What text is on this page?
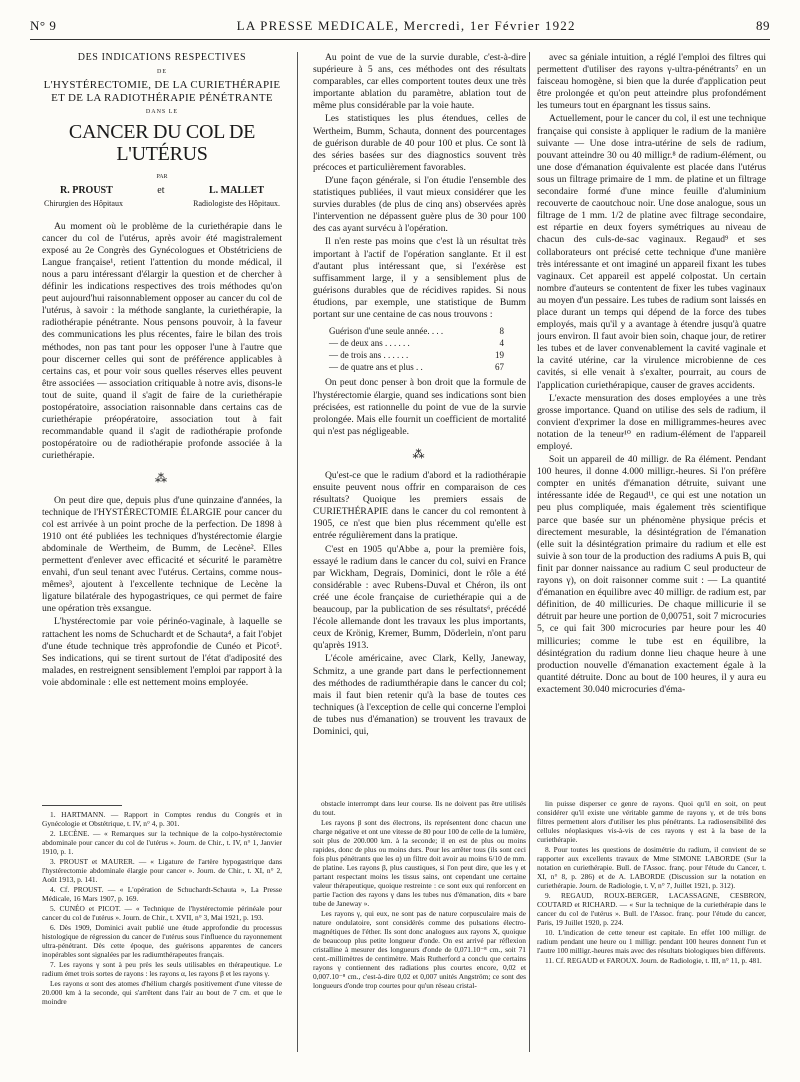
N° 9	LA PRESSE MEDICALE, Mercredi, 1er Février 1922	89
DES INDICATIONS RESPECTIVES
DE
L'HYSTÉRECTOMIE, DE LA CURIETHÉRAPIE
ET DE LA RADIOTHÉRAPIE PÉNÉTRANTE
DANS LE
CANCER DU COL DE L'UTÉRUS
PAR
R. PROUST	et	L. MALLET
Chirurgien des Hôpitaux	Radiologiste des Hôpitaux.

Au moment où le problème de la curiethérapie dans le cancer du col de l'utérus, après avoir été magistralement exposé au 2e Congrès des Gynécologues et Obstétriciens de Langue française¹, retient l'attention du monde médical, il nous a paru intéressant d'élargir la question et de chercher à définir les indications respectives des trois méthodes qu'on peut aujourd'hui raisonnablement opposer au cancer du col de l'utérus, à savoir : la méthode sanglante, la curiethérapie, la radiothérapie pénétrante. Nous pensons pouvoir, à la faveur des communications les plus récentes, faire le bilan des trois méthodes, non pas tant pour les opposer l'une à l'autre que pour discerner celles qui sont de préférence applicables à certains cas, et pour voir sous quelles réserves elles peuvent être associées — association critiquable à notre avis, disons-le tout de suite, quand il s'agit de faire de la curiethérapie postopératoire, association raisonnable dans certains cas de curiethérapie préopératoire, association tout à fait recommandable quand il s'agit de radiothérapie profonde postopératoire ou de radiothérapie profonde associée à la curiethérapie.

⁂

On peut dire que, depuis plus d'une quinzaine d'années, la technique de l'HYSTÉRECTOMIE ÉLARGIE pour cancer du col est arrivée à un point proche de la perfection. De 1898 à 1910 ont été publiées les techniques d'hystérectomie élargie abdominale de Wertheim, de Bumm, de Lecène². Elles permettent d'enlever avec efficacité et sécurité le paramètre envahi, d'un seul tenant avec l'utérus. Certains, comme nous-mêmes³, ajoutent à l'excellente technique de Lecène la ligature bilatérale des hypogastriques, ce qui permet de faire une opération très exsangue.

L'hystérectomie par voie périnéo-vaginale, à laquelle se rattachent les noms de Schuchardt et de Schauta⁴, a fait l'objet d'une étude technique très approfondie de Cunéo et Picot⁵. Ses indications, qui se tirent surtout de l'état d'adiposité des malades, en restreignent sensiblement l'emploi par rapport à la voie abdominale : elle est nettement moins employée.

Au point de vue de la survie durable, c'est-à-dire supérieure à 5 ans, ces méthodes ont des résultats comparables, car elles comportent toutes deux une très importante ablation du paramètre, ablation tout de même plus considérable par la voie haute.

Les statistiques les plus étendues, celles de Wertheim, Bumm, Schauta, donnent des pourcentages de guérison durable de 40 pour 100 et plus. Ce sont là des séries basées sur des diagnostics souvent très précoces et particulièrement favorables.

D'une façon générale, si l'on étudie l'ensemble des statistiques publiées, il vaut mieux considérer que les survies durables (de plus de cinq ans) observées après l'intervention ne dépassent guère plus de 30 pour 100 des cas ayant survécu à l'opération.

Il n'en reste pas moins que c'est là un résultat très important à l'actif de l'opération sanglante. Et il est d'autant plus intéressant que, si l'exérèse est suffisamment large, il y a sensiblement plus de guérisons durables que de récidives rapides. Si nous étudions, par exemple, une statistique de Bumm portant sur une centaine de cas nous trouvons :

Guérison d'une seule année. . . .	8
— de deux ans . . . . . .	4
— de trois ans . . . . . .	19
— de quatre ans et plus . .	67

On peut donc penser à bon droit que la formule de l'hystérectomie élargie, quand ses indications sont bien précisées, est rationnelle du point de vue de la survie prolongée. Mais elle fournit un coefficient de mortalité qui n'est pas négligeable.

⁂

Qu'est-ce que le radium d'abord et la radiothérapie ensuite peuvent nous offrir en comparaison de ces résultats? Quoique les premiers essais de CURIETHÉRAPIE dans le cancer du col remontent à 1905, ce n'est que bien plus récemment qu'elle est entrée régulièrement dans la pratique.

C'est en 1905 qu'Abbe a, pour la première fois, essayé le radium dans le cancer du col, suivi en France par Wickham, Degrais, Dominici, dont le rôle a été considérable : avec Rubens-Duval et Chéron, ils ont créé une école française de curiethérapie qui a de beaucoup, par la publication de ses résultats⁶, précédé l'école allemande dont les travaux les plus importants, ceux de Krönig, Kremer, Bumm, Döderlein, n'ont paru qu'après 1913.

L'école américaine, avec Clark, Kelly, Janeway, Schmitz, a une grande part dans le perfectionnement des méthodes de radiumthérapie dans le cancer du col; mais il faut bien retenir qu'à la base de toutes ces techniques (à l'exception de celle qui concerne l'emploi de tubes nus d'émanation) se trouvent les travaux de Dominici, qui,

avec sa géniale intuition, a réglé l'emploi des filtres qui permettent d'utiliser des rayons γ-ultra-pénétrants⁷ en un faisceau homogène, si bien que la durée d'application peut être prolongée et qu'on peut atteindre plus profondément les tumeurs tout en épargnant les tissus sains.

Actuellement, pour le cancer du col, il est une technique française qui consiste à appliquer le radium de la manière suivante — Une dose intra-utérine de sels de radium, pouvant atteindre 30 ou 40 milligr.⁸ de radium-élément, ou une dose d'émanation équivalente est placée dans l'utérus sous un filtrage primaire de 1 mm. de platine et un filtrage secondaire formé d'une mince feuille d'aluminium recouverte de caoutchouc noir. Une dose analogue, sous un filtrage de 1 mm. 1/2 de platine avec filtrage secondaire, est répartie en deux foyers symétriques au niveau de chacun des culs-de-sac vaginaux. Regaud⁹ et ses collaborateurs ont précisé cette technique d'une manière très intéressante et ont imaginé un appareil fixant les tubes vaginaux. Cet appareil est appelé colpostat. Un certain nombre d'auteurs se contentent de fixer les tubes vaginaux au moyen d'un pessaire. Les tubes de radium sont laissés en place durant un temps qui dépend de la force des tubes employés, mais qu'il y a avantage à étendre jusqu'à quatre jours environ. Il faut avoir bien soin, chaque jour, de retirer les tubes et de laver convenablement la cavité vaginale et la cavité utérine, car la virulence microbienne de ces cavités, si elle venait à s'exalter, pourrait, au cours de l'application curiethérapique, causer de graves accidents.

L'exacte mensuration des doses employées a une très grosse importance. Quand on utilise des sels de radium, il convient d'exprimer la dose en milligrammes-heures avec notation de la teneur¹⁰ en radium-élément de l'appareil employé.

Soit un appareil de 40 milligr. de Ra élément. Pendant 100 heures, il donne 4.000 milligr.-heures. Si l'on préfère compter en unités d'émanation détruite, suivant une intéressante idée de Regaud¹¹, ce qui est une notation un peu plus compliquée, mais également très scientifique parce que basée sur un phénomène physique précis et directement mesurable, la désintégration de l'émanation (elle suit la désintégration primaire du radium et elle est suivie à son tour de la production des radiums A puis B, qui finit par donner naissance au radium C seul producteur de rayons γ), on doit raisonner comme suit : — La quantité d'émanation en équilibre avec 40 milligr. de radium est, par définition, de 40 millicuries. De chaque millicurie il se détruit par heure une portion de 0,00751, soit 7 microcuries 5, ce qui fait 300 microcuries par heure pour les 40 millicuries; comme le tube est en équilibre, la désintégration du radium donne lieu chaque heure à une production nouvelle d'émanation exactement égale à la quantité détruite. Donc au bout de 100 heures, il y aura eu exactement 30.040 microcuries d'éma-

1. HARTMANN. — Rapport in Comptes rendus du Congrès et in Gynécologie et Obstétrique, t. IV, n° 4, p. 301.

2. LECÈNE. — « Remarques sur la technique de la colpo-hystérectomie abdominale pour cancer du col de l'utérus ». Journ. de Chir., t. IV, n° 1, Janvier 1910, p. 1.

3. PROUST et MAURER. — « Ligature de l'artère hypogastrique dans l'hystérectomie abdominale élargie pour cancer ». Journ. de Chir., t. XI, n° 2, Août 1913, p. 141.

4. Cf. PROUST. — « L'opération de Schuchardt-Schauta », La Presse Médicale, 16 Mars 1907, p. 169.

5. CUNÉO et PICOT. — « Technique de l'hystérectomie périnéale pour cancer du col de l'utérus ». Journ. de Chir., t. XVII, n° 3, Mai 1921, p. 193.

6. Dès 1909, Dominici avait publié une étude approfondie du processus histologique de régression du cancer de l'utérus sous l'influence du rayonnement ultra-pénétrant. Dès cette époque, des guérisons apparentes de cancers inopérables sont signalées par les radiumthérapeutes français.

7. Les rayons γ sont à peu près les seuls utilisables en thérapeutique. Le radium émet trois sortes de rayons : les rayons α, les rayons β et les rayons γ.

Les rayons α sont des atomes d'hélium chargés positivement d'une vitesse de 20.000 km à la seconde, qui s'arrêtent dans l'air au bout de 7 cm. et que le moindre

obstacle interrompt dans leur course. Ils ne doivent pas être utilisés du tout.

Les rayons β sont des électrons, ils représentent donc chacun une charge négative et ont une vitesse de 80 pour 100 de celle de la lumière, soit plus de 200.000 km. à la seconde; il en est de plus ou moins rapides, donc de plus ou moins durs. Pour les arrêter tous (ils sont ceci fois plus pénétrants que les α) un filtre doit avoir au moins 6/10 de mm. de platine. Les rayons β, plus caustiques, si l'on peut dire, que les γ et partant respectant moins les tissus sains, ont cependant une certaine valeur thérapeutique, quoique restreinte : ce sont eux qui renforcent en partie l'action des rayons γ dans les tubes nus d'émanation, dits « bare tube de Janeway ».

Les rayons γ, qui eux, ne sont pas de nature corpusculaire mais de nature ondulatoire, sont considérés comme des pulsations électro-magnétiques de l'éther. Ils sont donc analogues aux rayons X, quoique de beaucoup plus petite longueur d'onde. On est arrivé par réflexion cristalline à mesurer des longueurs d'onde de 0,071.10⁻⁸ cm., soit 71 cent.-millimètres de centimètre. Mais Rutherford a conclu que certains rayons γ contiennent des radiations plus courtes encore, 0,02 et 0,007.10⁻⁸ cm., c'est-à-dire 0,02 et 0,007 unités Angström; ce sont des longueurs d'onde trop courtes pour qu'un réseau cristal-

lin puisse disperser ce genre de rayons. Quoi qu'il en soit, on peut considérer qu'il existe une véritable gamme de rayons γ, et de très bons filtres permettent alors d'utiliser les plus pénétrants. La radiosensibilité des cellules néoplasiques vis-à-vis de ces rayons γ est à la base de la curiethérapie.

8. Pour toutes les questions de dosimétrie du radium, il convient de se rapporter aux excellents travaux de Mme SIMONE LABORDE (Sur la notation en curiethérapie. Bull. de l'Assoc. franç. pour l'étude du Cancer, t. XI, n° 8, p. 286) et de A. LABORDE (Discussion sur la notation en curiethérapie. Journ. de Radiologie, t. V, n° 7, Juillet 1921, p. 312).

9. REGAUD, ROUX-BERGER, LACASSAGNE, CESBRON, COUTARD et RICHARD. — « Sur la technique de la curiethérapie dans le cancer du col de l'utérus ». Bull. de l'Assoc. franç. pour l'étude du cancer, Paris, 19 Juillet 1920, p. 224.

10. L'indication de cette teneur est capitale. En effet 100 milligr. de radium pendant une heure ou 1 milligr. pendant 100 heures donnent l'un et l'autre 100 milligr.-heures mais avec des résultats biologiques bien différents.

11. Cf. REGAUD et FAROUX. Journ. de Radiologie, t. III, n° 11, p. 481.
